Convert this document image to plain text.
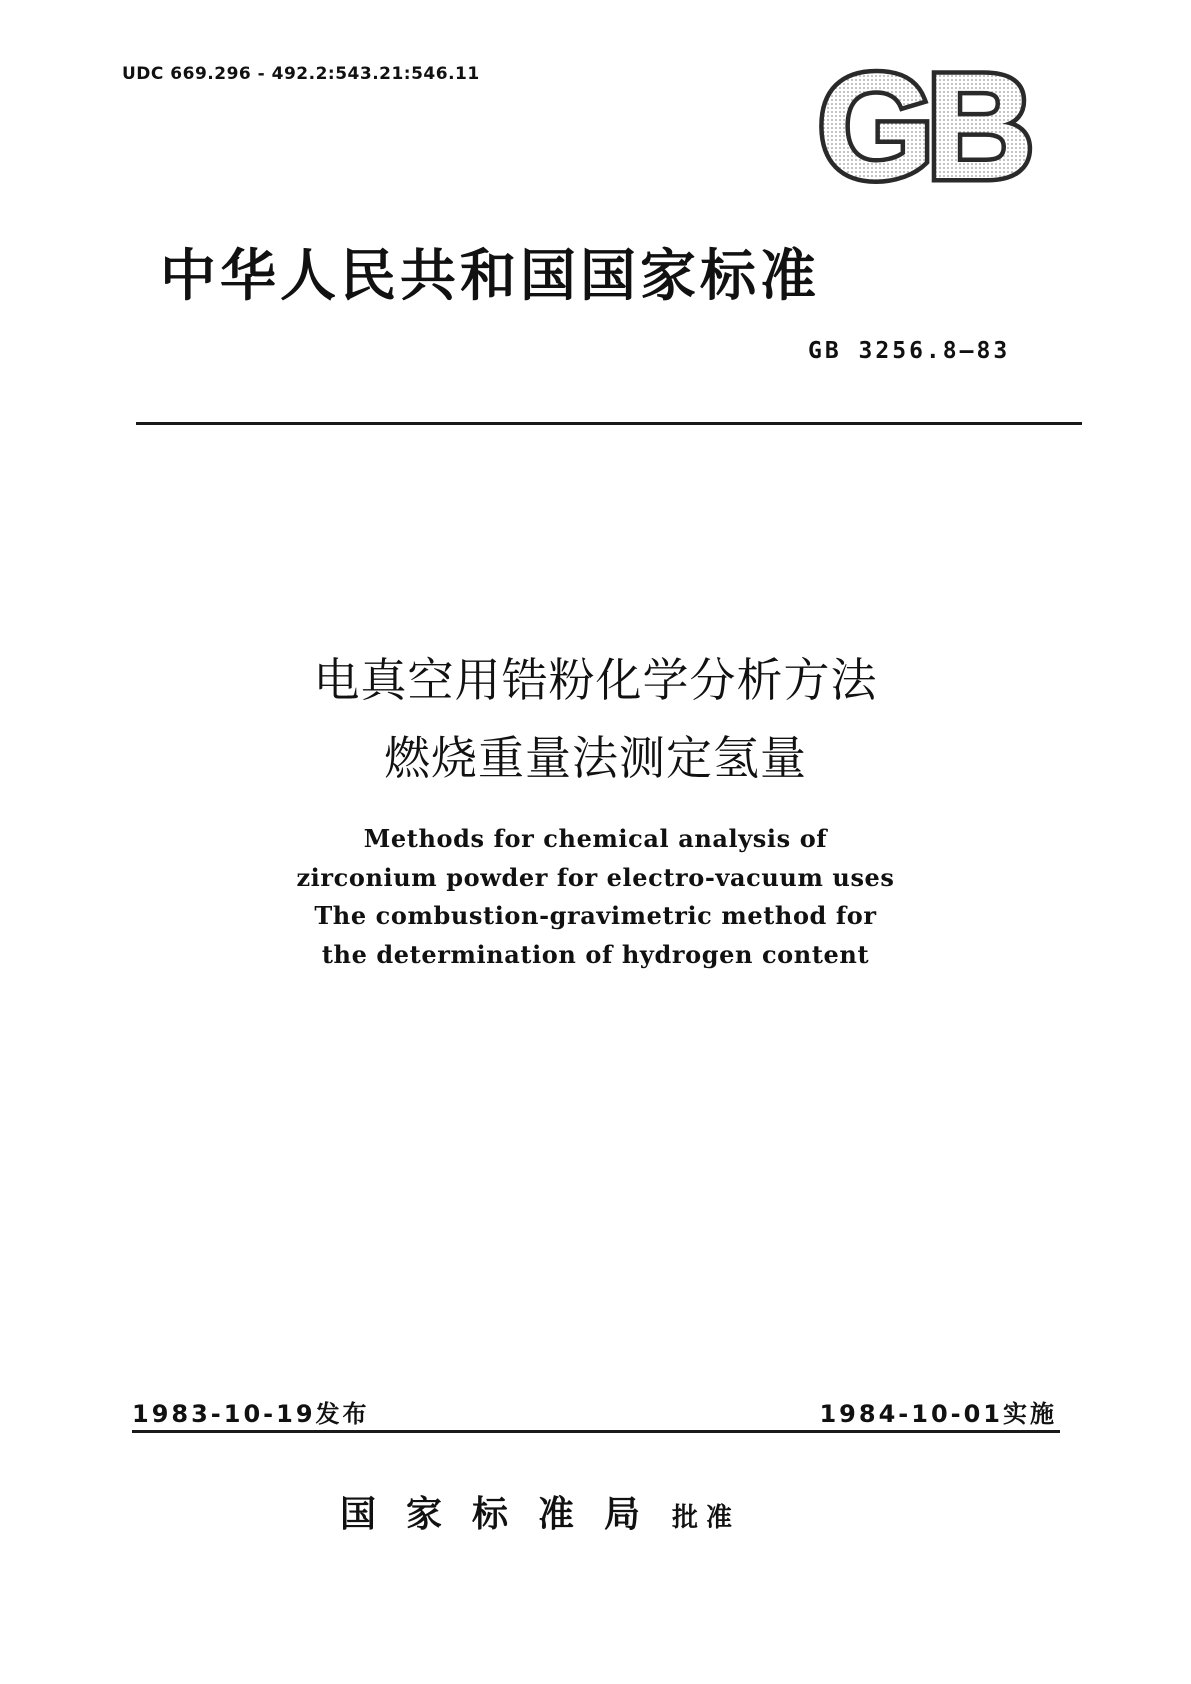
UDC 669.296 - 492.2:543.21:546.11 GB
中华人民共和国国家标准
GB 3256.8—83
电真空用锆粉化学分析方法
燃烧重量法测定氢量
Methods for chemical analysis of
zirconium powder for electro-vacuum uses
The combustion-gravimetric method for
the determination of hydrogen content
1983-10-19发布	1984-10-01实施
国家标准局批准
